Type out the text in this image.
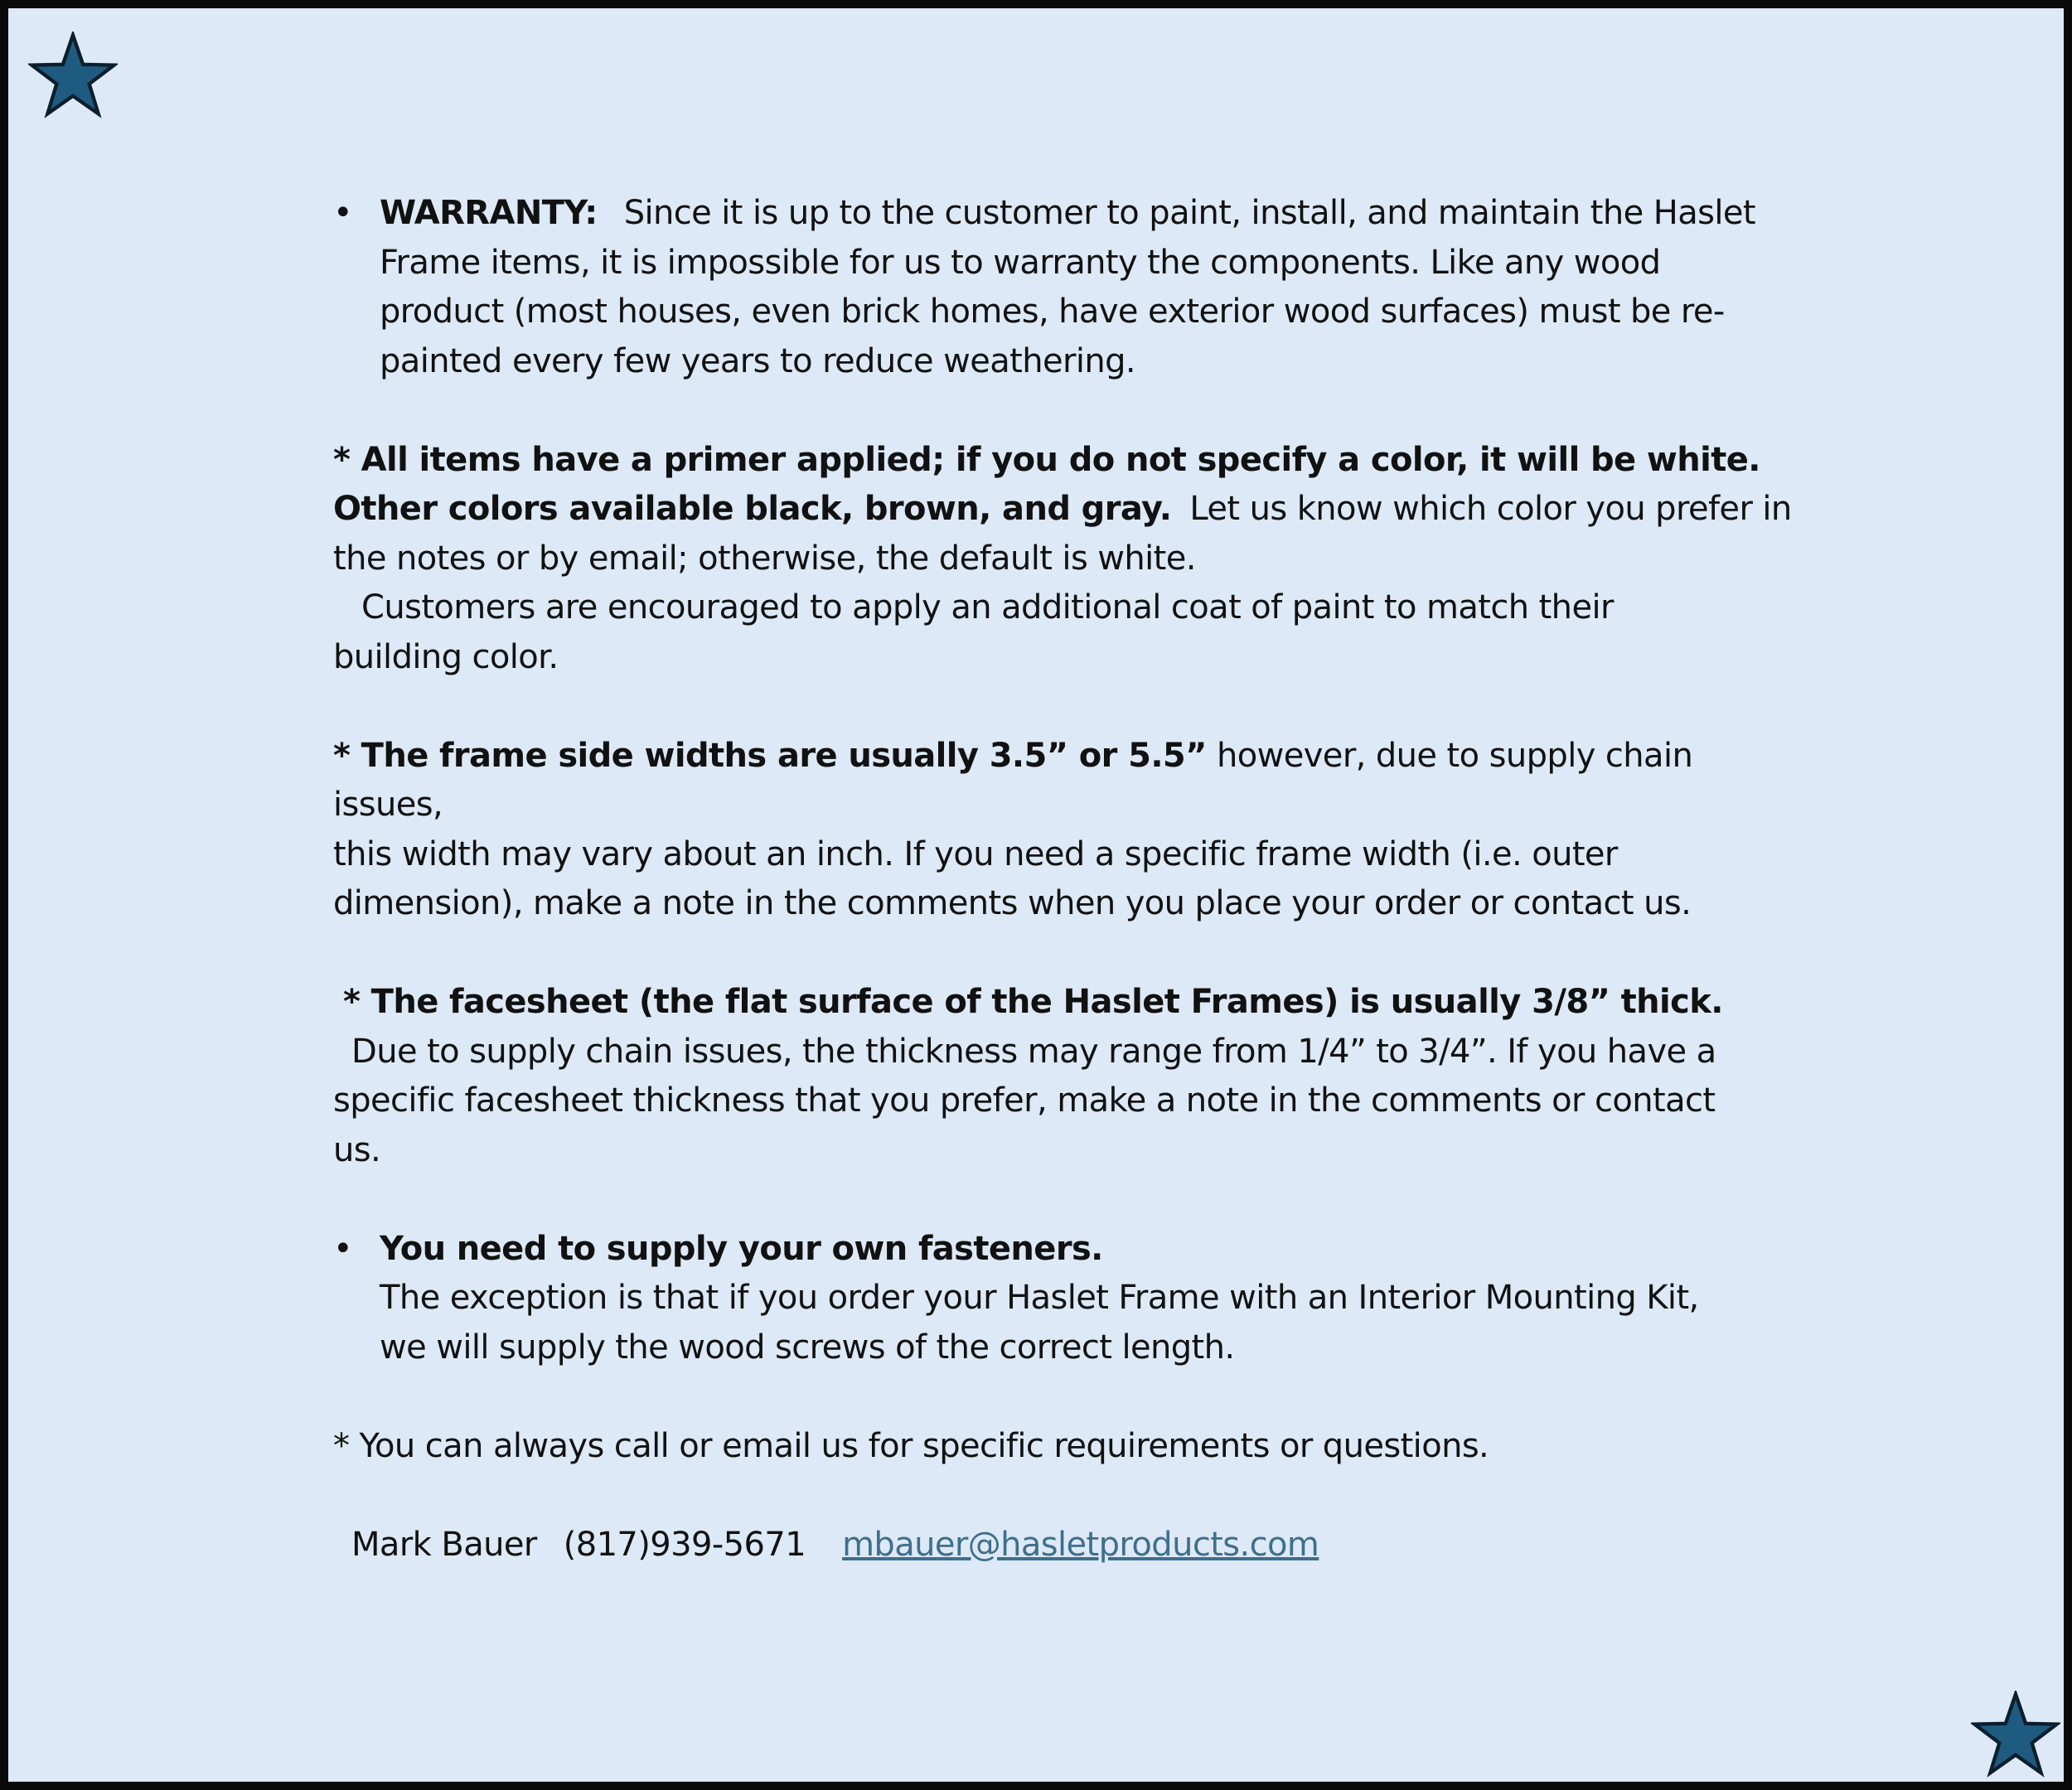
• WARRANTY: Since it is up to the customer to paint, install, and maintain the Haslet
Frame items, it is impossible for us to warranty the components. Like any wood
product (most houses, even brick homes, have exterior wood surfaces) must be re-
painted every few years to reduce weathering.
* All items have a primer applied; if you do not specify a color, it will be white.
Other colors available black, brown, and gray. Let us know which color you prefer in
the notes or by email; otherwise, the default is white.
Customers are encouraged to apply an additional coat of paint to match their
building color.
* The frame side widths are usually 3.5” or 5.5” however, due to supply chain issues,
this width may vary about an inch. If you need a specific frame width (i.e. outer
dimension), make a note in the comments when you place your order or contact us.
* The facesheet (the flat surface of the Haslet Frames) is usually 3/8” thick.
Due to supply chain issues, the thickness may range from 1/4” to 3/4”. If you have a
specific facesheet thickness that you prefer, make a note in the comments or contact
us.
• You need to supply your own fasteners.
The exception is that if you order your Haslet Frame with an Interior Mounting Kit,
we will supply the wood screws of the correct length.
* You can always call or email us for specific requirements or questions.
Mark Bauer (817)939-5671 mbauer@hasletproducts.com
